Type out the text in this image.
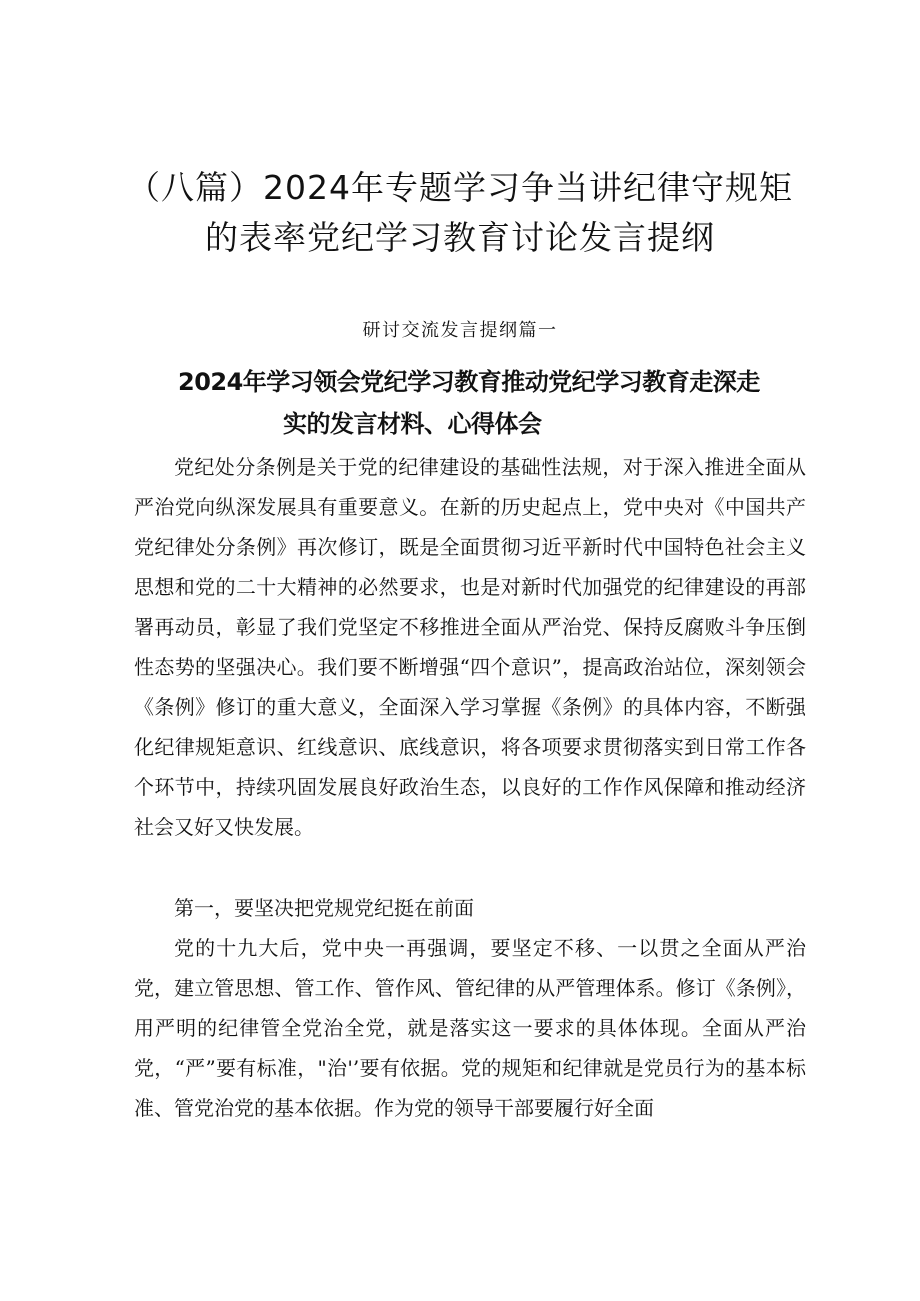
（八篇）2024年专题学习争当讲纪律守规矩
的表率党纪学习教育讨论发言提纲

研讨交流发言提纲篇一

2024年学习领会党纪学习教育推动党纪学习教育走深走
实的发言材料、心得体会

党纪处分条例是关于党的纪律建设的基础性法规，对于深入推进全面从严治党向纵深发展具有重要意义。在新的历史起点上，党中央对《中国共产党纪律处分条例》再次修订，既是全面贯彻习近平新时代中国特色社会主义思想和党的二十大精神的必然要求，也是对新时代加强党的纪律建设的再部署再动员，彰显了我们党坚定不移推进全面从严治党、保持反腐败斗争压倒性态势的坚强决心。我们要不断增强“四个意识”，提高政治站位，深刻领会《条例》修订的重大意义，全面深入学习掌握《条例》的具体内容，不断强化纪律规矩意识、红线意识、底线意识，将各项要求贯彻落实到日常工作各个环节中，持续巩固发展良好政治生态，以良好的工作作风保障和推动经济社会又好又快发展。

第一，要坚决把党规党纪挺在前面

党的十九大后，党中央一再强调，要坚定不移、一以贯之全面从严治党，建立管思想、管工作、管作风、管纪律的从严管理体系。修订《条例》，用严明的纪律管全党治全党，就是落实这一要求的具体体现。全面从严治党，“严”要有标准，"治'’要有依据。党的规矩和纪律就是党员行为的基本标准、管党治党的基本依据。作为党的领导干部要履行好全面
